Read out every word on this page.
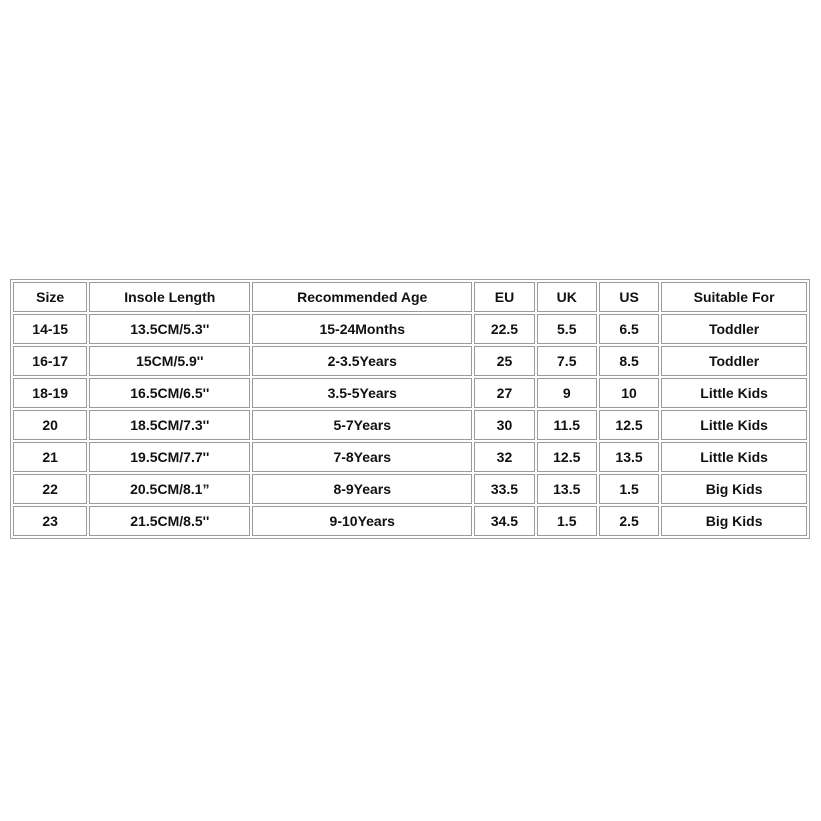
Size	Insole Length	Recommended Age	EU	UK	US	Suitable For
14-15	13.5CM/5.3''	15-24Months	22.5	5.5	6.5	Toddler
16-17	15CM/5.9''	2-3.5Years	25	7.5	8.5	Toddler
18-19	16.5CM/6.5''	3.5-5Years	27	9	10	Little Kids
20	18.5CM/7.3''	5-7Years	30	11.5	12.5	Little Kids
21	19.5CM/7.7''	7-8Years	32	12.5	13.5	Little Kids
22	20.5CM/8.1”	8-9Years	33.5	13.5	1.5	Big Kids
23	21.5CM/8.5''	9-10Years	34.5	1.5	2.5	Big Kids
